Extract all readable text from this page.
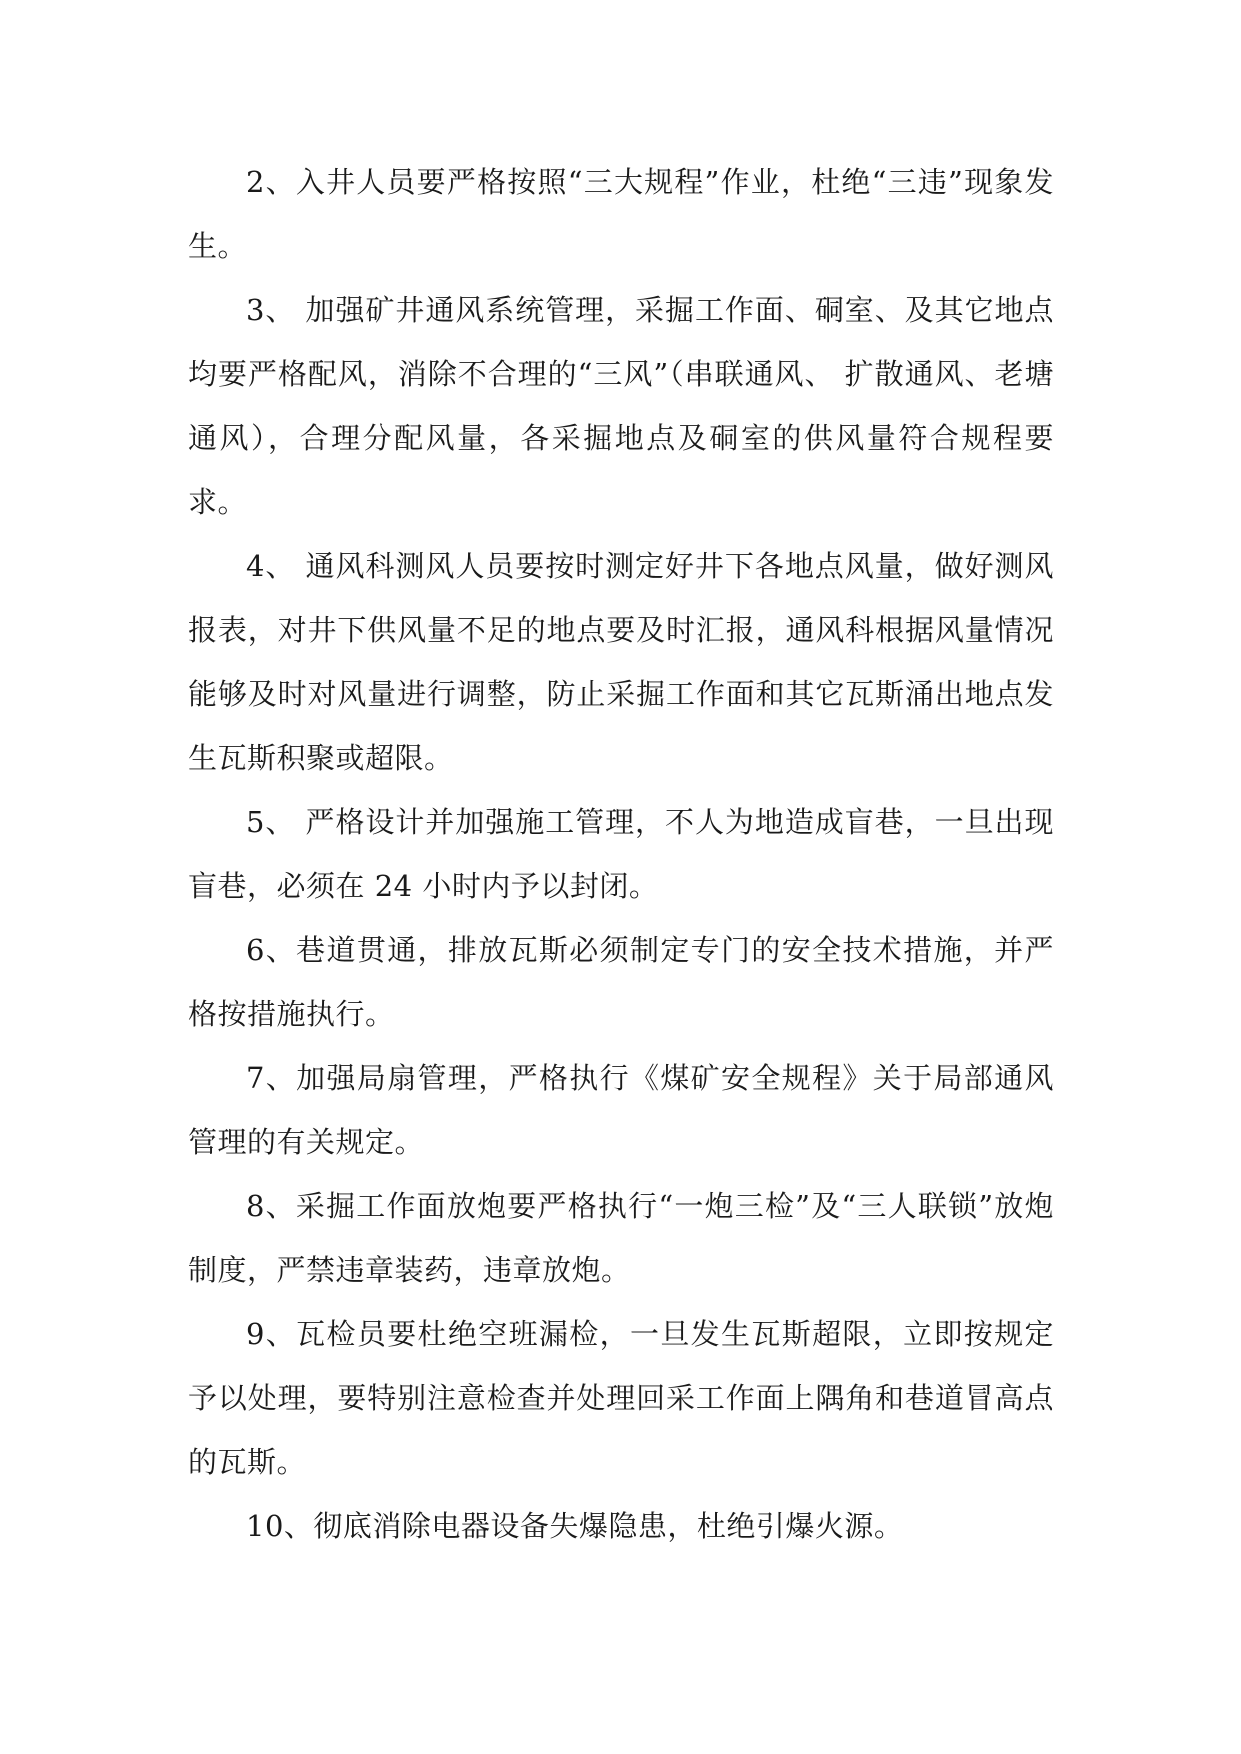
2、入井人员要严格按照“三大规程”作业，杜绝“三违”现象发生。

3、 加强矿井通风系统管理，采掘工作面、硐室、及其它地点均要严格配风，消除不合理的“三风”（串联通风、 扩散通风、老塘通风），合理分配风量，各采掘地点及硐室的供风量符合规程要求。

4、 通风科测风人员要按时测定好井下各地点风量，做好测风报表，对井下供风量不足的地点要及时汇报，通风科根据风量情况能够及时对风量进行调整，防止采掘工作面和其它瓦斯涌出地点发生瓦斯积聚或超限。

5、 严格设计并加强施工管理，不人为地造成盲巷，一旦出现盲巷，必须在 24 小时内予以封闭。

6、巷道贯通，排放瓦斯必须制定专门的安全技术措施，并严格按措施执行。

7、加强局扇管理，严格执行《煤矿安全规程》关于局部通风管理的有关规定。

8、采掘工作面放炮要严格执行“一炮三检”及“三人联锁”放炮制度，严禁违章装药，违章放炮。

9、瓦检员要杜绝空班漏检，一旦发生瓦斯超限，立即按规定予以处理，要特别注意检查并处理回采工作面上隅角和巷道冒高点的瓦斯。

10、彻底消除电器设备失爆隐患，杜绝引爆火源。
